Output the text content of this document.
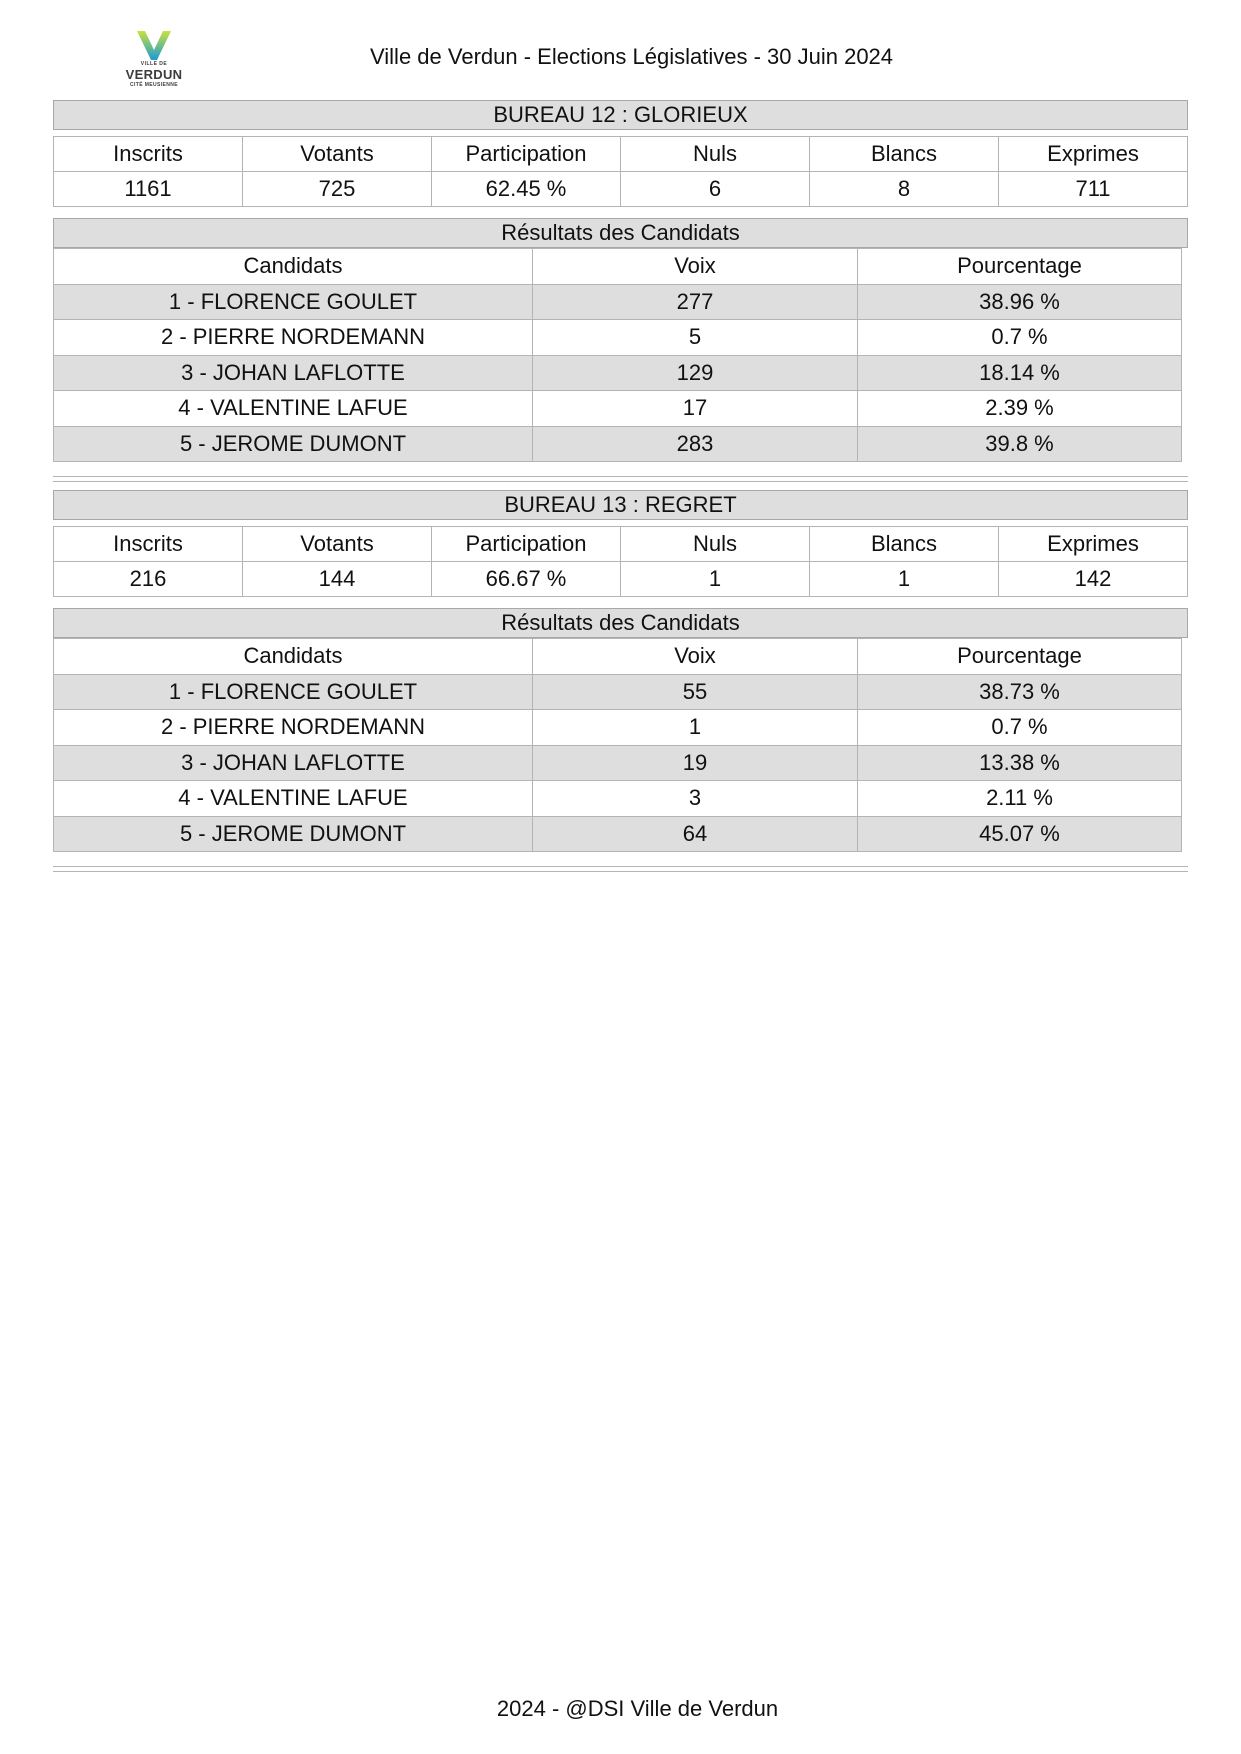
VILLE DE
VERDUN
CITÉ MEUSIENNE
Ville de Verdun - Elections Législatives - 30 Juin 2024
BUREAU 12 : GLORIEUX
Inscrits	Votants	Participation	Nuls	Blancs	Exprimes
1161	725	62.45 %	6	8	711
Résultats des Candidats
Candidats	Voix	Pourcentage
1 - FLORENCE GOULET	277	38.96 %
2 - PIERRE NORDEMANN	5	0.7 %
3 - JOHAN LAFLOTTE	129	18.14 %
4 - VALENTINE LAFUE	17	2.39 %
5 - JEROME DUMONT	283	39.8 %
BUREAU 13 : REGRET
Inscrits	Votants	Participation	Nuls	Blancs	Exprimes
216	144	66.67 %	1	1	142
Résultats des Candidats
Candidats	Voix	Pourcentage
1 - FLORENCE GOULET	55	38.73 %
2 - PIERRE NORDEMANN	1	0.7 %
3 - JOHAN LAFLOTTE	19	13.38 %
4 - VALENTINE LAFUE	3	2.11 %
5 - JEROME DUMONT	64	45.07 %
2024 - @DSI Ville de Verdun
